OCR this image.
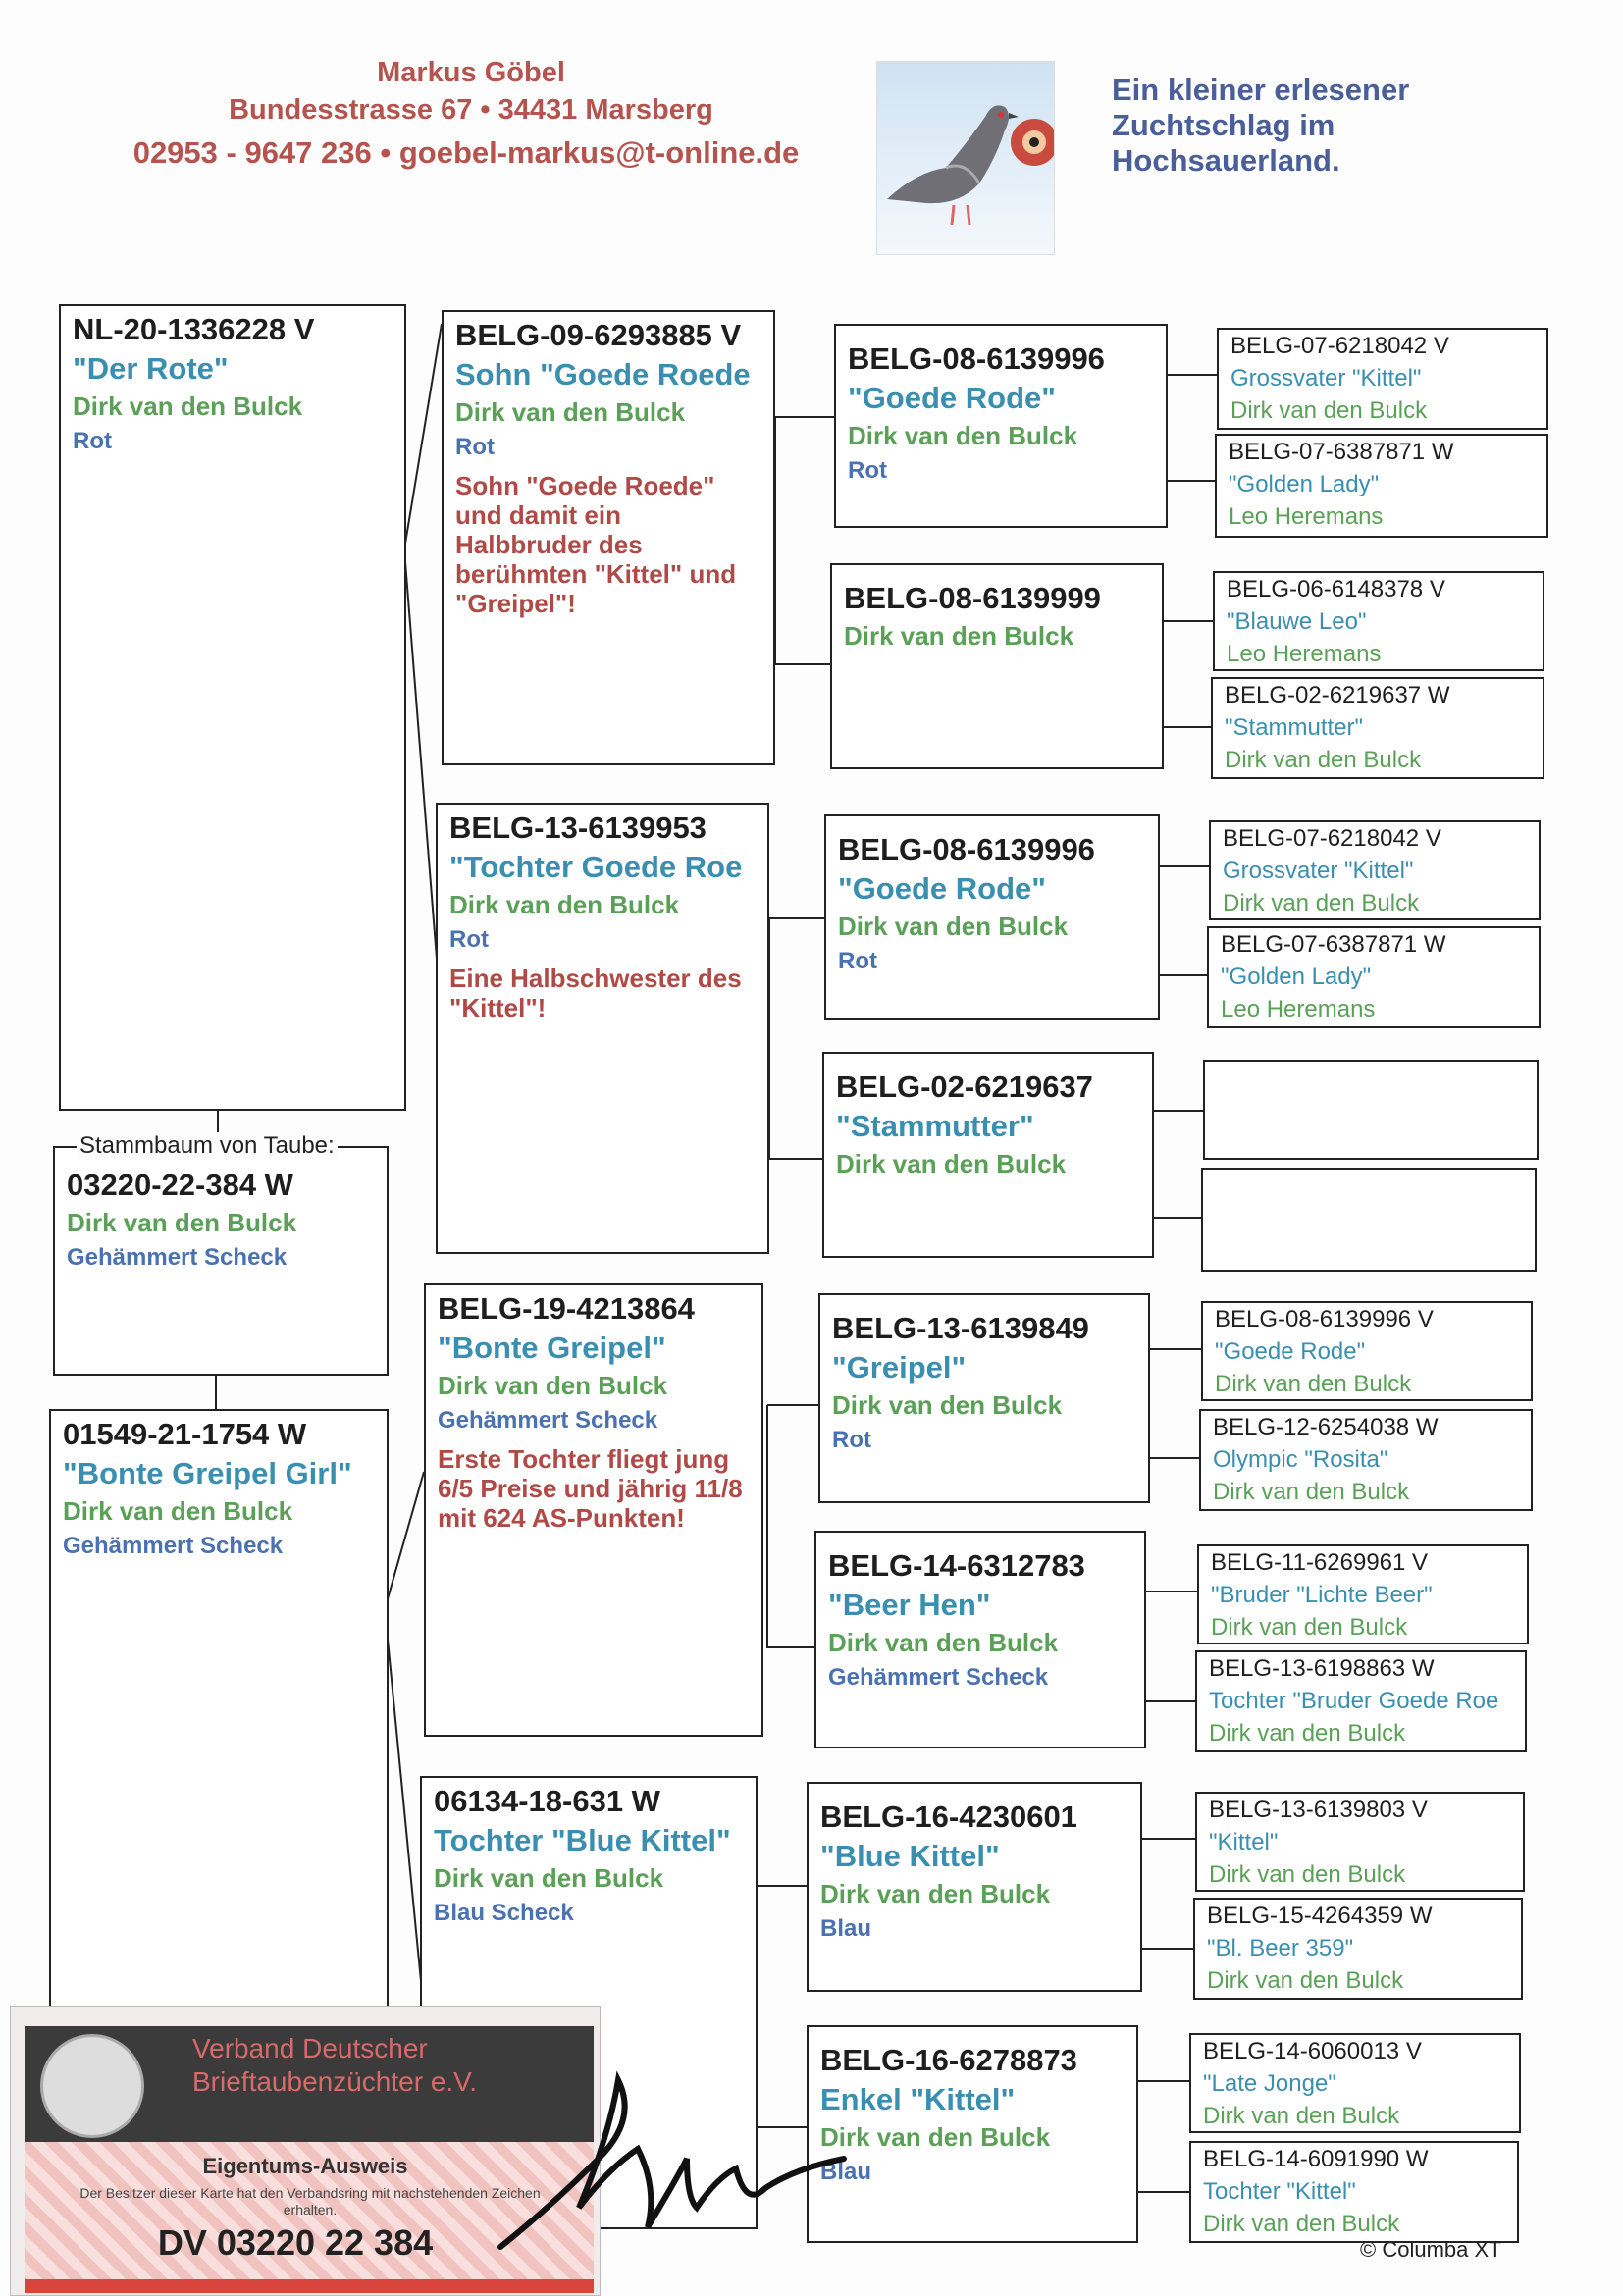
Markus Göbel
Bundesstrasse 67 • 34431 Marsberg
02953 - 9647 236 • goebel-markus@t-online.de
Ein kleiner erlesener
Zuchtschlag im
Hochsauerland.
NL-20-1336228 V
"Der Rote"
Dirk van den Bulck
Rot
03220-22-384 W
Dirk van den Bulck
Gehämmert Scheck
Stammbaum von Taube:
01549-21-1754 W
"Bonte Greipel Girl"
Dirk van den Bulck
Gehämmert Scheck
BELG-09-6293885 V
Sohn "Goede Roede
Dirk van den Bulck
Rot
Sohn "Goede Roede" und damit ein Halbbruder des berühmten "Kittel" und "Greipel"!
BELG-13-6139953
"Tochter Goede Roe
Dirk van den Bulck
Rot
Eine Halbschwester des "Kittel"!
BELG-19-4213864
"Bonte Greipel"
Dirk van den Bulck
Gehämmert Scheck
Erste Tochter fliegt jung 6/5 Preise und jährig 11/8 mit 624 AS-Punkten!
06134-18-631 W
Tochter "Blue Kittel"
Dirk van den Bulck
Blau Scheck
BELG-08-6139996
"Goede Rode"
Dirk van den Bulck
Rot
BELG-08-6139999
Dirk van den Bulck
BELG-08-6139996
"Goede Rode"
Dirk van den Bulck
Rot
BELG-02-6219637
"Stammutter"
Dirk van den Bulck
BELG-13-6139849
"Greipel"
Dirk van den Bulck
Rot
BELG-14-6312783
"Beer Hen"
Dirk van den Bulck
Gehämmert Scheck
BELG-16-4230601
"Blue Kittel"
Dirk van den Bulck
Blau
BELG-16-6278873
Enkel "Kittel"
Dirk van den Bulck
Blau
BELG-07-6218042 V
Grossvater "Kittel"
Dirk van den Bulck
BELG-07-6387871 W
"Golden Lady"
Leo Heremans
BELG-06-6148378 V
"Blauwe Leo"
Leo Heremans
BELG-02-6219637 W
"Stammutter"
Dirk van den Bulck
BELG-07-6218042 V
Grossvater "Kittel"
Dirk van den Bulck
BELG-07-6387871 W
"Golden Lady"
Leo Heremans
BELG-08-6139996 V
"Goede Rode"
Dirk van den Bulck
BELG-12-6254038 W
Olympic "Rosita"
Dirk van den Bulck
BELG-11-6269961 V
"Bruder "Lichte Beer"
Dirk van den Bulck
BELG-13-6198863 W
Tochter "Bruder Goede Roe
Dirk van den Bulck
BELG-13-6139803 V
"Kittel"
Dirk van den Bulck
BELG-15-4264359 W
"Bl. Beer 359"
Dirk van den Bulck
BELG-14-6060013 V
"Late Jonge"
Dirk van den Bulck
BELG-14-6091990 W
Tochter "Kittel"
Dirk van den Bulck
Verband Deutscher
Brieftaubenzüchter e.V.
Eigentums-Ausweis
Der Besitzer dieser Karte hat den Verbandsring mit nachstehenden Zeichen erhalten.
DV 03220 22 384	© Columba XT
